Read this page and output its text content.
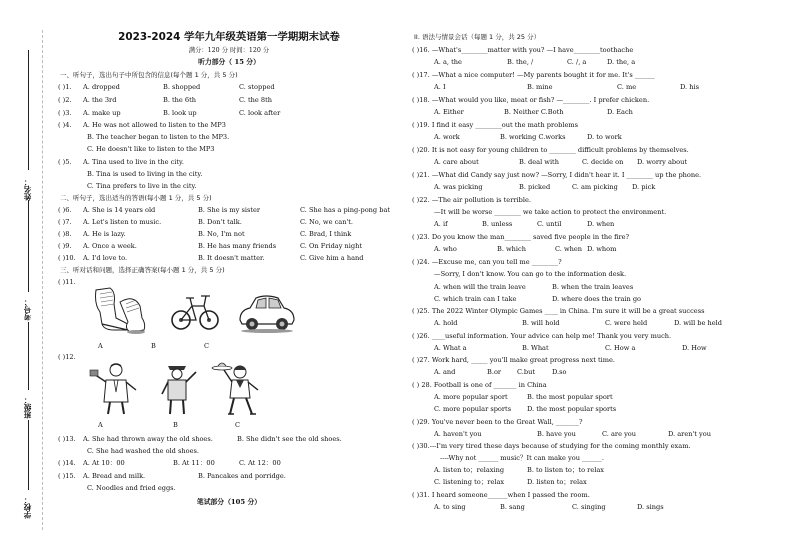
姓名：
考号：
班级：
学校：
2023-2024 学年九年级英语第一学期期末试卷
满分：120 分 时间：120 分
听力部分（ 15 分）
一、听句子，选出句子中所包含的信息(每个题 1 分，共 5 分)
( )1. A. dropped	B. shopped	C. stopped
( )2. A. the 3rd	B. the 6th	C. the 8th
( )3. A. make up	B. look up	C. look after
( )4. A. He was not allowed to listen to the MP3
B. The teacher began to listen to the MP3.
C. He doesn't like to listen to the MP3
( )5. A. Tina used to live in the city.
B. Tina is used to living in the city.
C. Tina prefers to live in the city.
二、听句子，选出适当的答语(每小题 1 分，共 5 分)
( )6. A. She is 14 years old	B. She is my sister	C. She has a ping-pong bat
( )7. A. Let's listen to music.	B. Don't talk.	C. No, we can't.
( )8. A. He is lazy.	B. No, I'm not	C. Brad, I think
( )9. A. Once a week.	B. He has many friends	C. On Friday night
( )10. A. I'd love to.	B. It doesn't matter.	C. Give him a hand
三、听对话和问题，选择正确答案(每小题 1 分，共 5 分)
( )11.
A	B	C
( )12.
A	B	C
( )13. A. She had thrown away the old shoes.	B. She didn't see the old shoes.
C. She had washed the old shoes.
( )14. A. At 10：00	B. At 11：00	C. At 12：00
( )15. A. Bread and milk.	B. Pancakes and porridge.
C. Noodles and fried eggs.
笔试部分（105 分）
II. 语法与情景会话（每题 1 分，共 25 分）
( )16. —What's________matter with you? —I have________toothache
A. a, the	B. the, /	C. /, a	D. the, a
( )17. —What a nice computer! —My parents bought it for me. It's ______
A. I	B. mine	C. me	D. his
( )18. —What would you like, meat or fish? —________. I prefer chicken.
A. Either	B. Neither C.Both	D. Each
( )19. I find it easy ________out the math problems
A. work	B. working C.works	D. to work
( )20. It is not easy for young children to ________ difficult problems by themselves.
A. care about	B. deal with	C. decide on D. worry about
( )21. —What did Candy say just now? —Sorry, I didn't hear it. I ________ up the phone.
A. was picking	B. picked	C. am picking D. pick
( )22. —The air pollution is terrible.
—It will be worse ________ we take action to protect the environment.
A. if	B. unless	C. until	D. when
( )23. Do you know the man________ saved five people in the fire?
A. who	B. which	C. when D. whom
( )24. —Excuse me, can you tell me ________?
—Sorry, I don't know. You can go to the information desk.
A. when will the train leave	B. when the train leaves
C. which train can I take	D. where does the train go
( )25. The 2022 Winter Olympic Games ____ in China. I'm sure it will be a great success
A. hold	B. will hold	C. were held	D. will be held
( )26. ____useful information. Your advice can help me! Thank you very much.
A. What a	B. What	C. How a	D. How
( )27. Work hard, _____ you'll make great progress next time.
A. and	B.or C.but	D.so
( ) 28. Football is one of _______ in China
A. more popular sport	B. the most popular sport
C. more popular sports D. the most popular sports
( )29. You've never been to the Great Wall, _______?
A. haven't you	B. have you	C. are you	D. aren't you
( )30.---I'm very tired these days because of studying for the coming monthly exam.
----Why not ______ music？It can make you ______.
A. listen to；relaxing	B. to listen to；to relax
C. listening to；relax	D. listen to；relax
( )31. I heard someone______when I passed the room.
A. to sing	B. sang	C. singing	D. sings
